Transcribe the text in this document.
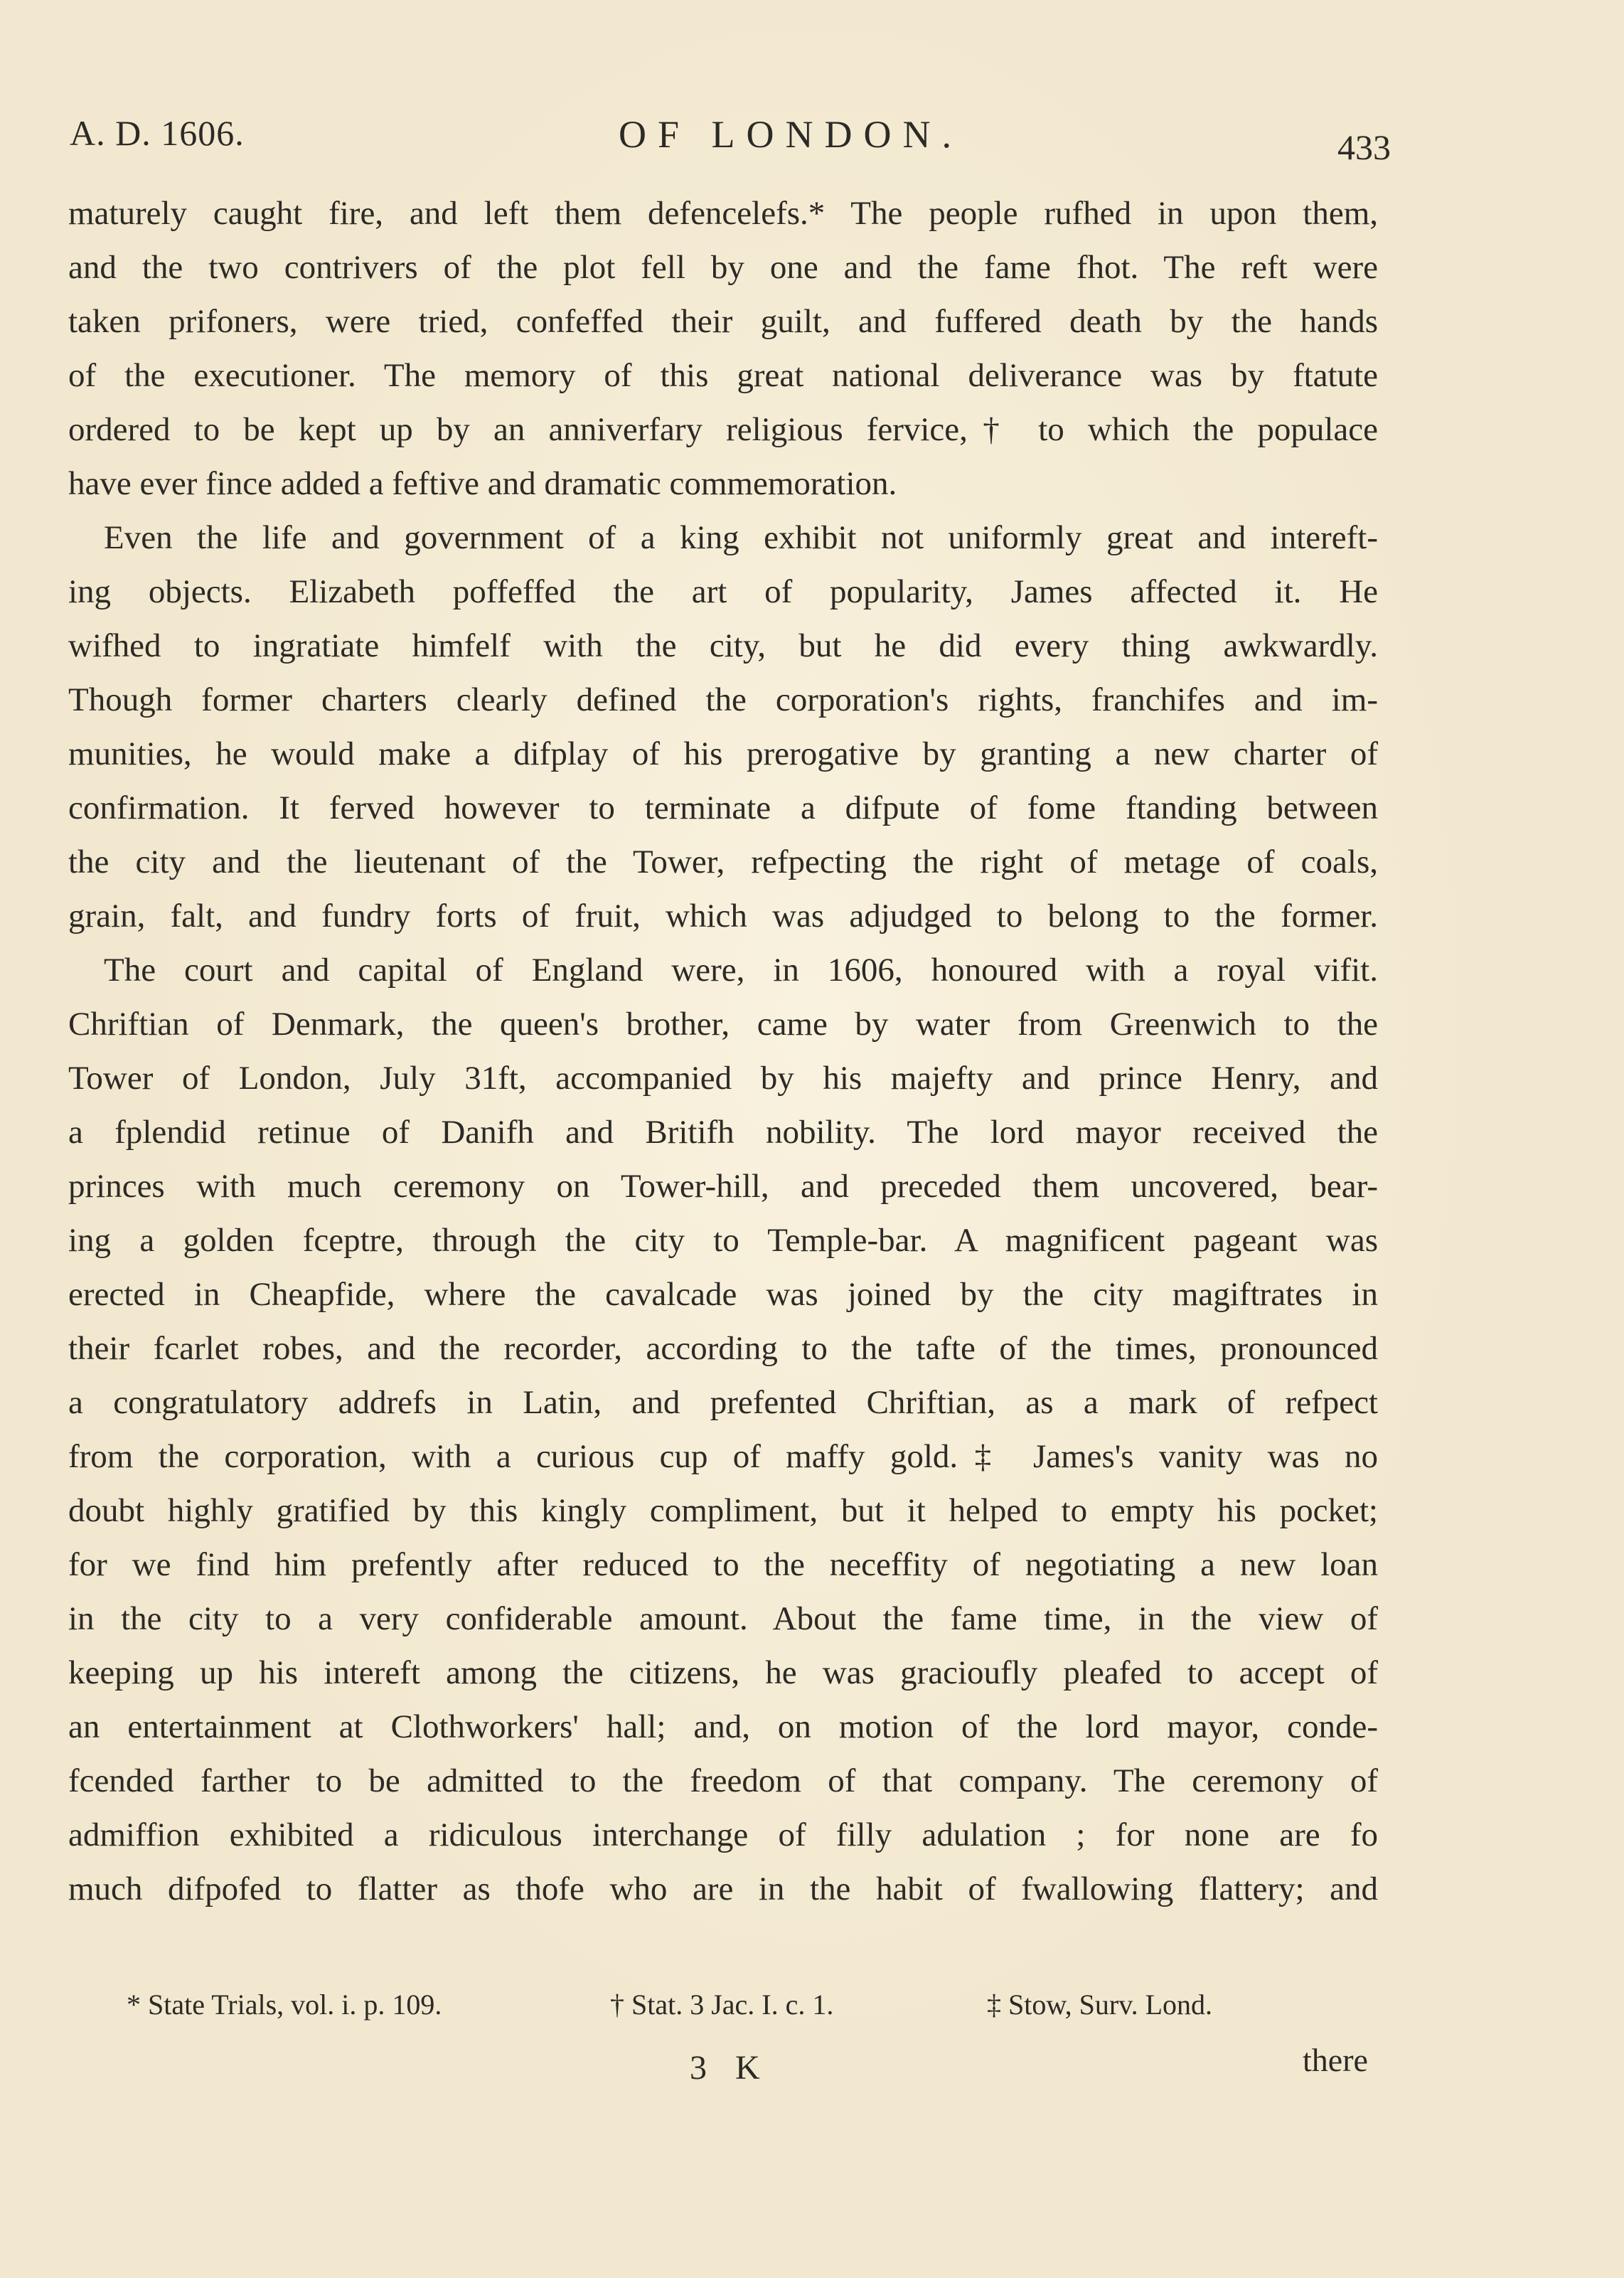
A. D. 1606.	OF LONDON.	433
maturely caught fire, and left them defencelefs.* The people rufhed in upon them,
and the two contrivers of the plot fell by one and the fame fhot. The reft were
taken prifoners, were tried, confeffed their guilt, and fuffered death by the hands
of the executioner. The memory of this great national deliverance was by ftatute
ordered to be kept up by an anniverfary religious fervice,† to which the populace
have ever fince added a feftive and dramatic commemoration.
Even the life and government of a king exhibit not uniformly great and intereft-
ing objects. Elizabeth poffeffed the art of popularity, James affected it. He
wifhed to ingratiate himfelf with the city, but he did every thing awkwardly.
Though former charters clearly defined the corporation's rights, franchifes and im-
munities, he would make a difplay of his prerogative by granting a new charter of
confirmation. It ferved however to terminate a difpute of fome ftanding between
the city and the lieutenant of the Tower, refpecting the right of metage of coals,
grain, falt, and fundry forts of fruit, which was adjudged to belong to the former.
The court and capital of England were, in 1606, honoured with a royal vifit.
Chriftian of Denmark, the queen's brother, came by water from Greenwich to the
Tower of London, July 31ft, accompanied by his majefty and prince Henry, and
a fplendid retinue of Danifh and Britifh nobility. The lord mayor received the
princes with much ceremony on Tower-hill, and preceded them uncovered, bear-
ing a golden fceptre, through the city to Temple-bar. A magnificent pageant was
erected in Cheapfide, where the cavalcade was joined by the city magiftrates in
their fcarlet robes, and the recorder, according to the tafte of the times, pronounced
a congratulatory addrefs in Latin, and prefented Chriftian, as a mark of refpect
from the corporation, with a curious cup of maffy gold.‡ James's vanity was no
doubt highly gratified by this kingly compliment, but it helped to empty his pocket;
for we find him prefently after reduced to the neceffity of negotiating a new loan
in the city to a very confiderable amount. About the fame time, in the view of
keeping up his intereft among the citizens, he was gracioufly pleafed to accept of
an entertainment at Clothworkers' hall; and, on motion of the lord mayor, conde-
fcended farther to be admitted to the freedom of that company. The ceremony of
admiffion exhibited a ridiculous interchange of filly adulation ; for none are fo
much difpofed to flatter as thofe who are in the habit of fwallowing flattery; and
* State Trials, vol. i. p. 109.	† Stat. 3 Jac. I. c. 1.	‡ Stow, Surv. Lond.
3 K	there
